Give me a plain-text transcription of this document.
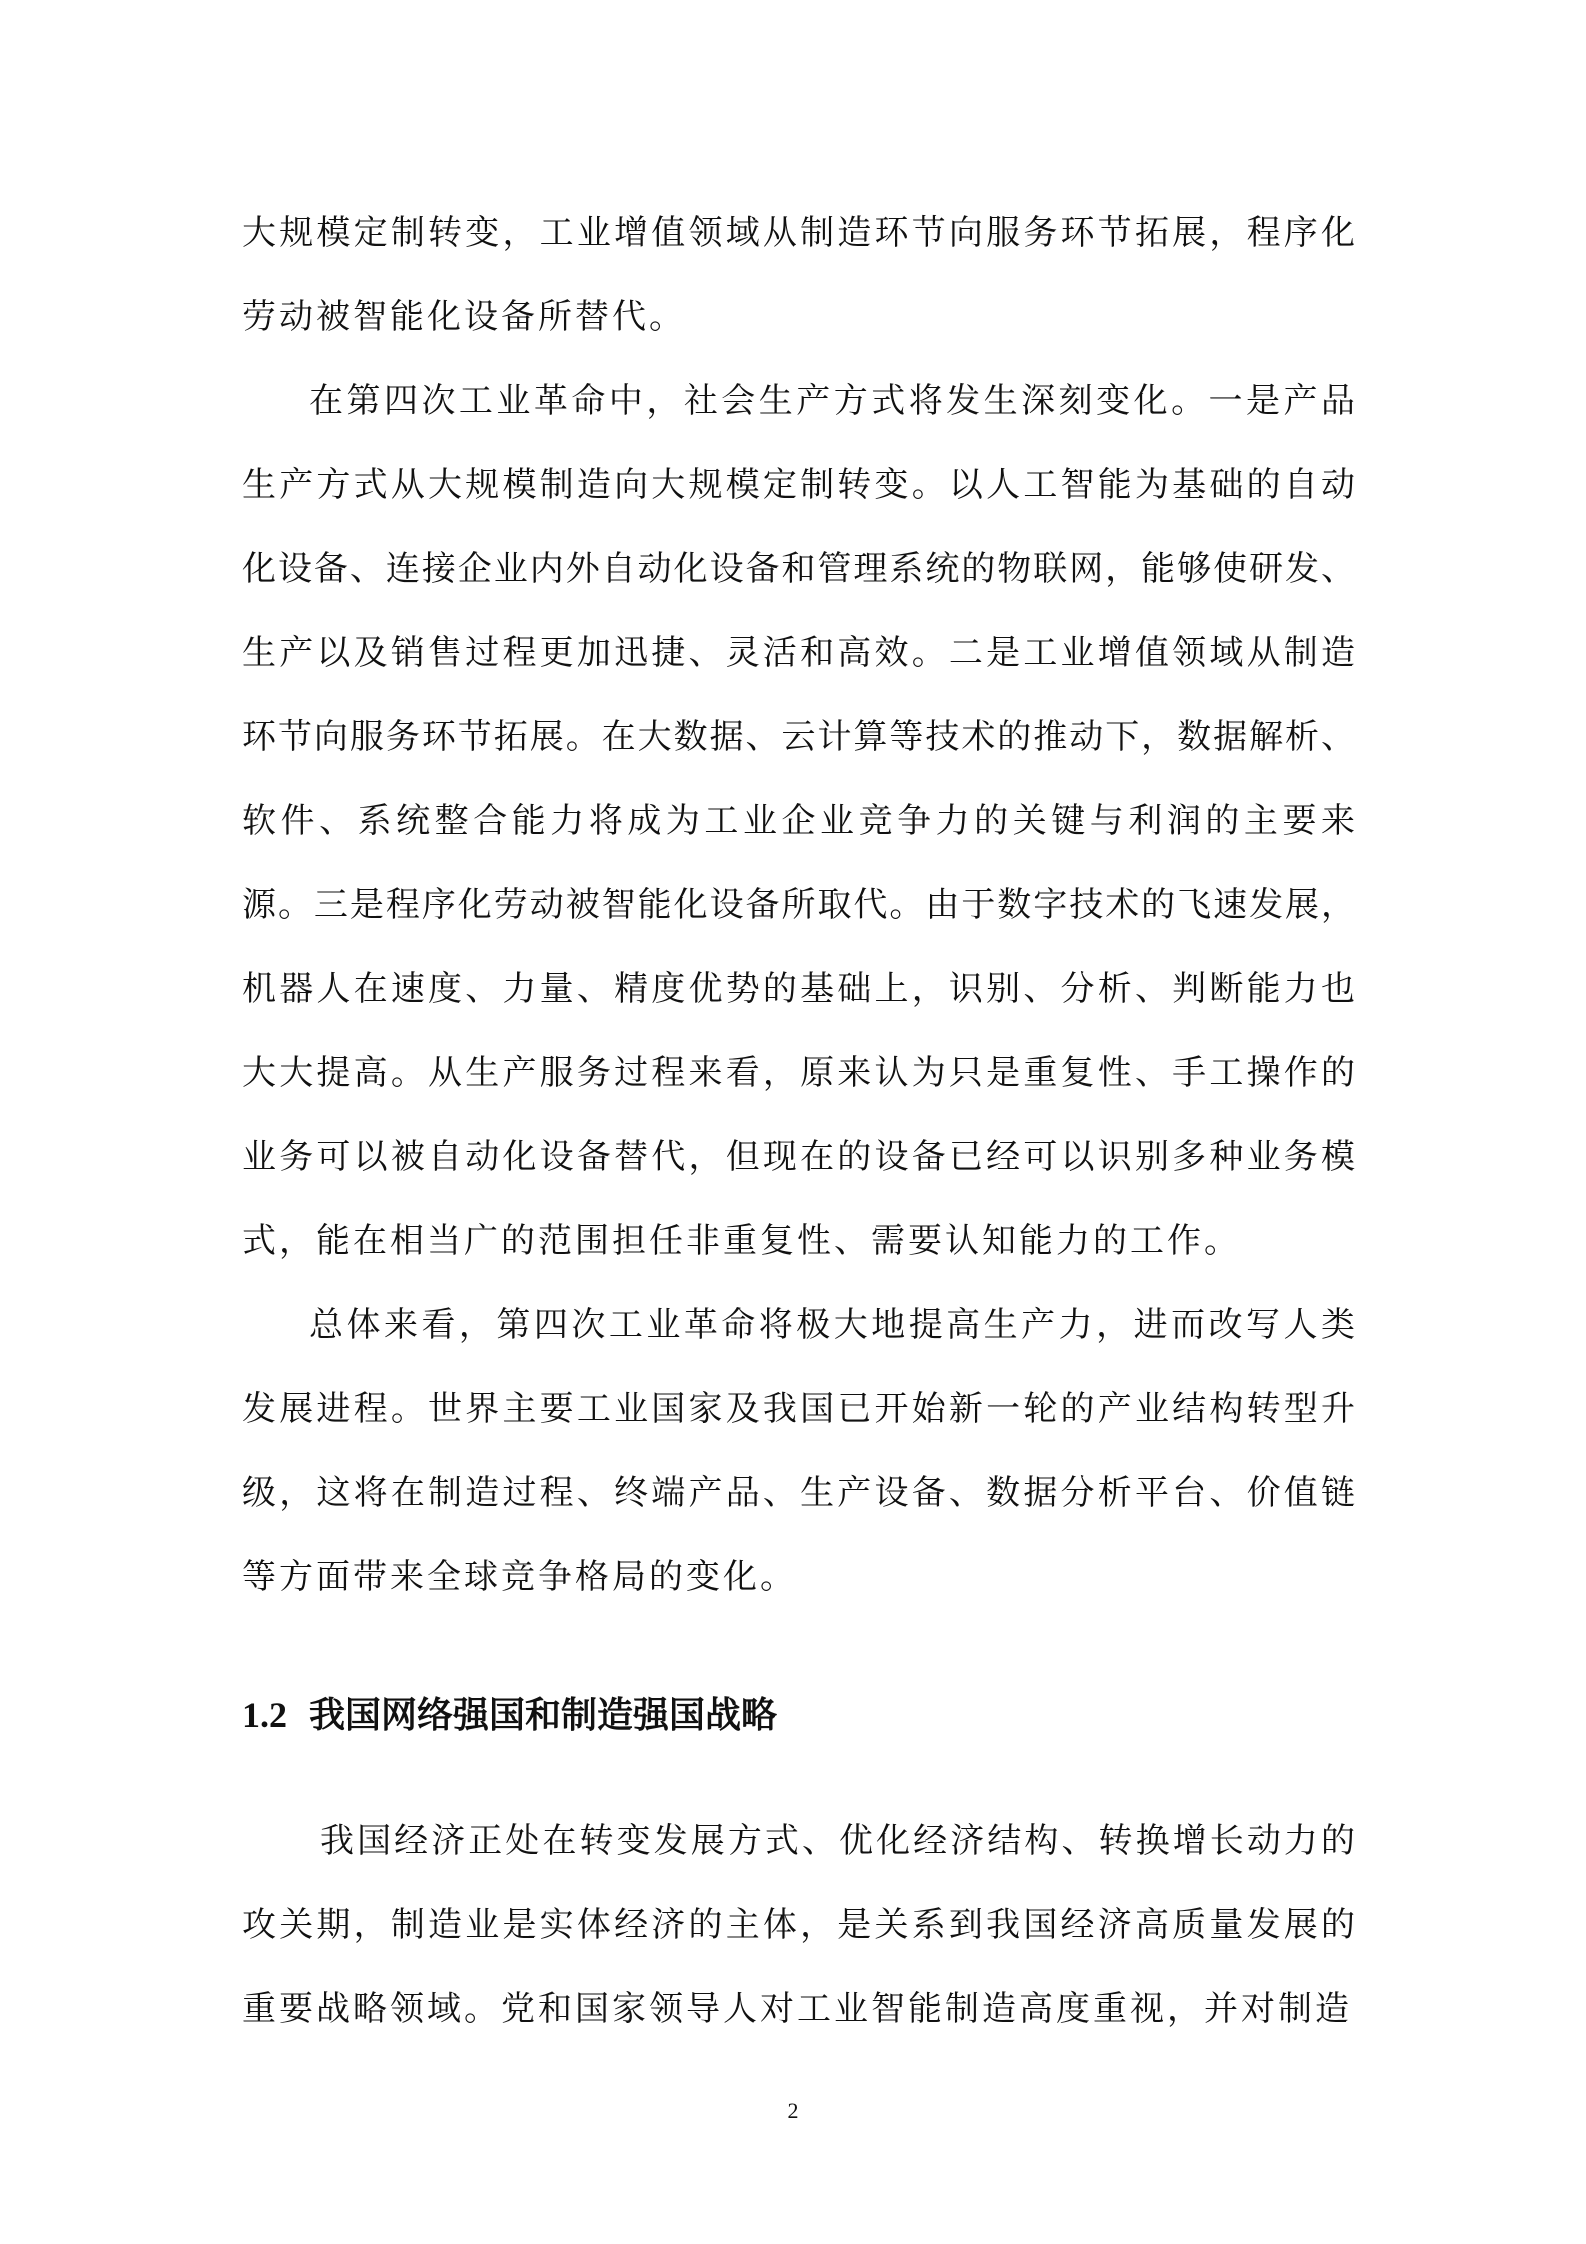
大规模定制转变，工业增值领域从制造环节向服务环节拓展，程序化
劳动被智能化设备所替代。
在第四次工业革命中，社会生产方式将发生深刻变化。一是产品
生产方式从大规模制造向大规模定制转变。以人工智能为基础的自动
化设备、连接企业内外自动化设备和管理系统的物联网，能够使研发、
生产以及销售过程更加迅捷、灵活和高效。二是工业增值领域从制造
环节向服务环节拓展。在大数据、云计算等技术的推动下，数据解析、
软件、系统整合能力将成为工业企业竞争力的关键与利润的主要来
源。三是程序化劳动被智能化设备所取代。由于数字技术的飞速发展，
机器人在速度、力量、精度优势的基础上，识别、分析、判断能力也
大大提高。从生产服务过程来看，原来认为只是重复性、手工操作的
业务可以被自动化设备替代，但现在的设备已经可以识别多种业务模
式，能在相当广的范围担任非重复性、需要认知能力的工作。
总体来看，第四次工业革命将极大地提高生产力，进而改写人类
发展进程。世界主要工业国家及我国已开始新一轮的产业结构转型升
级，这将在制造过程、终端产品、生产设备、数据分析平台、价值链
等方面带来全球竞争格局的变化。
1.2 我国网络强国和制造强国战略
我国经济正处在转变发展方式、优化经济结构、转换增长动力的
攻关期，制造业是实体经济的主体，是关系到我国经济高质量发展的
重要战略领域。党和国家领导人对工业智能制造高度重视，并对制造
2
